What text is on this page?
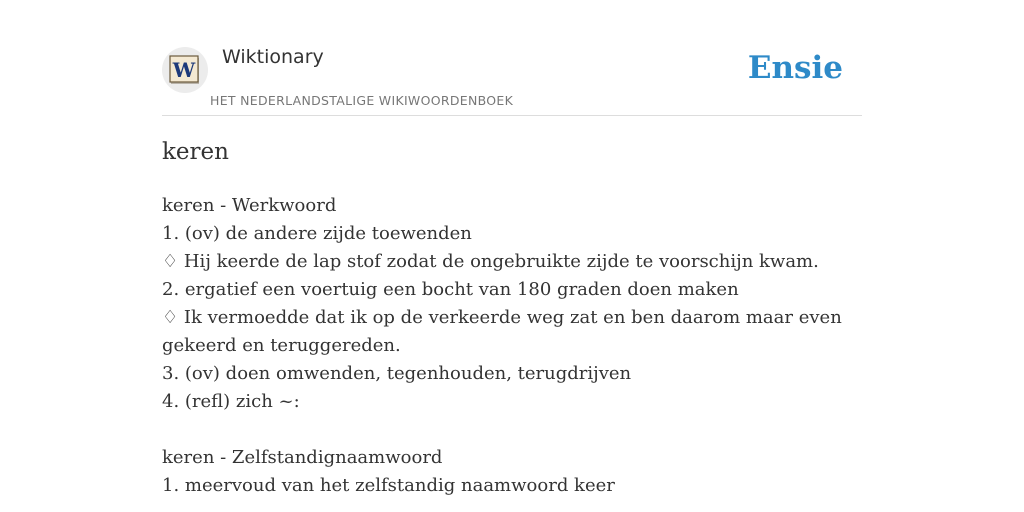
W
Wiktionary
HET NEDERLANDSTALIGE WIKIWOORDENBOEK
Ensie
keren
keren - Werkwoord
1. (ov) de andere zijde toewenden
♢ Hij keerde de lap stof zodat de ongebruikte zijde te voorschijn kwam.
2. ergatief een voertuig een bocht van 180 graden doen maken
♢ Ik vermoedde dat ik op de verkeerde weg zat en ben daarom maar even
gekeerd en teruggereden.
3. (ov) doen omwenden, tegenhouden, terugdrijven
4. (refl) zich ~:
keren - Zelfstandignaamwoord
1. meervoud van het zelfstandig naamwoord keer
